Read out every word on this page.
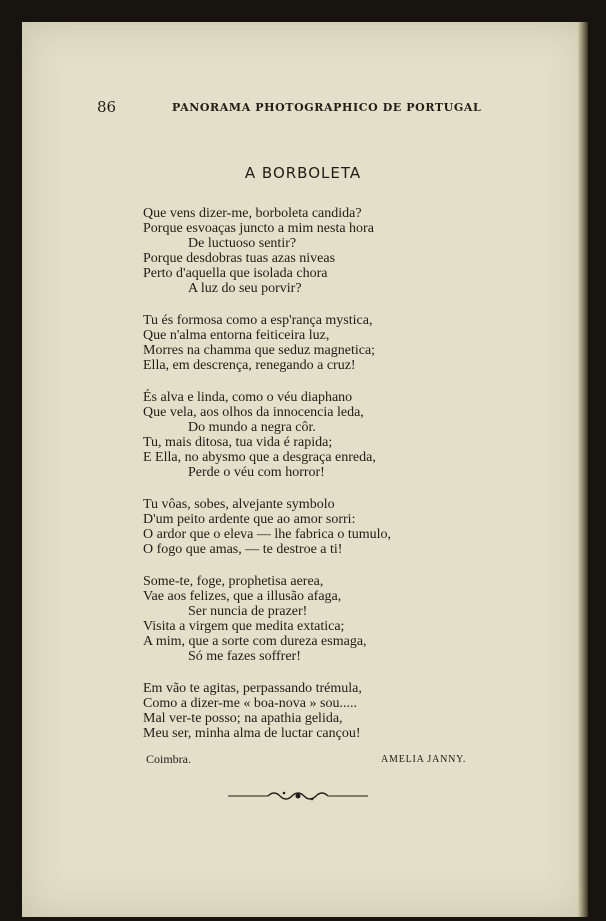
86	PANORAMA PHOTOGRAPHICO DE PORTUGAL
A BORBOLETA
Que vens dizer-me, borboleta candida?
Porque esvoaças juncto a mim nesta hora
De luctuoso sentir?
Porque desdobras tuas azas niveas
Perto d'aquella que isolada chora
A luz do seu porvir?
Tu és formosa como a esp'rança mystica,
Que n'alma entorna feiticeira luz,
Morres na chamma que seduz magnetica;
Ella, em descrença, renegando a cruz!
És alva e linda, como o véu diaphano
Que vela, aos olhos da innocencia leda,
Do mundo a negra côr.
Tu, mais ditosa, tua vida é rapida;
E Ella, no abysmo que a desgraça enreda,
Perde o véu com horror!
Tu vôas, sobes, alvejante symbolo
D'um peito ardente que ao amor sorri:
O ardor que o eleva — lhe fabrica o tumulo,
O fogo que amas, — te destroe a ti!
Some-te, foge, prophetisa aerea,
Vae aos felizes, que a illusão afaga,
Ser nuncia de prazer!
Visita a virgem que medita extatica;
A mim, que a sorte com dureza esmaga,
Só me fazes soffrer!
Em vão te agitas, perpassando trémula,
Como a dizer-me « boa-nova » sou.....
Mal ver-te posso; na apathia gelida,
Meu ser, minha alma de luctar cançou!
Coimbra.	AMELIA JANNY.
